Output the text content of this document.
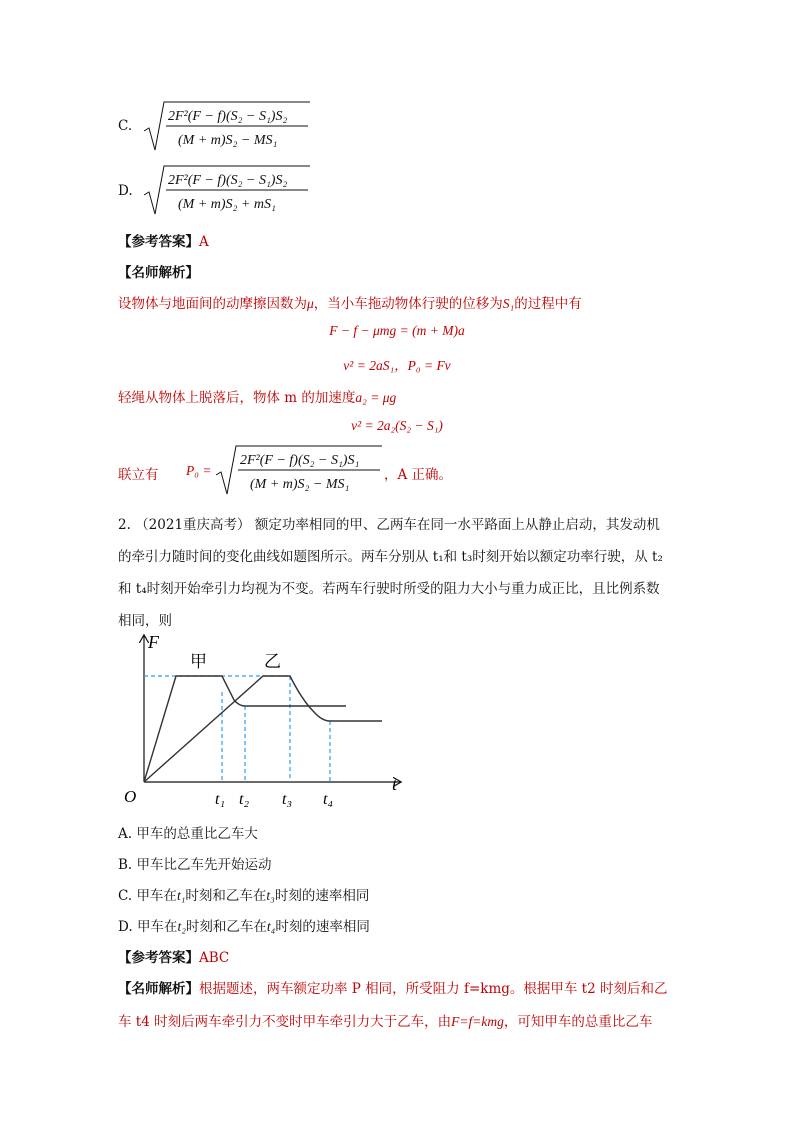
C.
2F²(F − f)(S₂ − S₁)S₂
(M + m)S₂ − MS₁
D.
2F²(F − f)(S₂ − S₁)S₂
(M + m)S₂ + mS₁
【参考答案】A
【名师解析】
设物体与地面间的动摩擦因数为μ，当小车拖动物体行驶的位移为S₁的过程中有
F − f − μmg = (m + M)a
v² = 2aS₁，P₀ = Fv
轻绳从物体上脱落后，物体 m 的加速度a₂ = μg
v² = 2a₂(S₂ − S₁)
联立有 P₀ =
2F²(F − f)(S₂ − S₁)S₁
(M + m)S₂ − MS₁
，A 正确。
2. （2021重庆高考） 额定功率相同的甲、乙两车在同一水平路面上从静止启动，其发动机
的牵引力随时间的变化曲线如题图所示。两车分别从 t₁和 t₃时刻开始以额定功率行驶，从 t₂
和 t₄时刻开始牵引力均视为不变。若两车行驶时所受的阻力大小与重力成正比，且比例系数
相同，则
F
t
O
甲	乙
t₁ t₂ t₃ t₄
A. 甲车的总重比乙车大
B. 甲车比乙车先开始运动
C. 甲车在t₁时刻和乙车在t₃时刻的速率相同
D. 甲车在t₂时刻和乙车在t₄时刻的速率相同
【参考答案】ABC
【名师解析】根据题述，两车额定功率 P 相同，所受阻力 f=kmg。根据甲车 t2 时刻后和乙
车 t4 时刻后两车牵引力不变时甲车牵引力大于乙车，由F=f=kmg，可知甲车的总重比乙车
